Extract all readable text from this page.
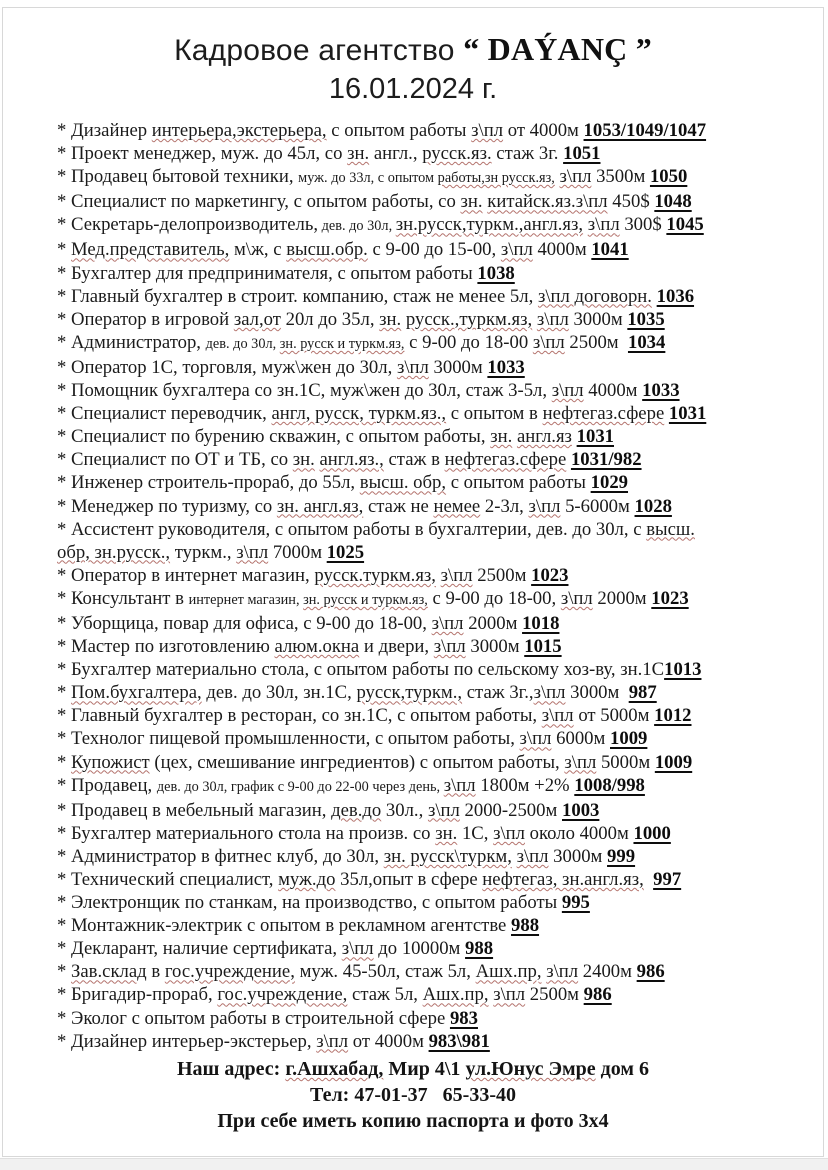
Кадровое агентство “ DAÝANÇ ”
16.01.2024 г.
* Дизайнер интерьера,экстерьера, с опытом работы з\пл от 4000м 1053/1049/1047
* Проект менеджер, муж. до 45л, со зн. англ., русск.яз. стаж 3г. 1051
* Продавец бытовой техники, муж. до 33л, с опытом работы,зн русск.яз, з\пл 3500м 1050
* Специалист по маркетингу, с опытом работы, со зн. китайск.яз.з\пл 450$ 1048
* Секретарь-делопроизводитель, дев. до 30л, зн.русск,туркм.,англ.яз, з\пл 300$ 1045
* Мед.представитель, м\ж, с высш.обр. с 9-00 до 15-00, з\пл 4000м 1041
* Бухгалтер для предпринимателя, с опытом работы 1038
* Главный бухгалтер в строит. компанию, стаж не менее 5л, з\пл договорн. 1036
* Оператор в игровой зал,от 20л до 35л, зн. русск.,туркм.яз, з\пл 3000м 1035
* Администратор, дев. до 30л, зн. русск и туркм.яз, с 9-00 до 18-00 з\пл 2500м  1034
* Оператор 1С, торговля, муж\жен до 30л, з\пл 3000м 1033
* Помощник бухгалтера со зн.1С, муж\жен до 30л, стаж 3-5л, з\пл 4000м 1033
* Специалист переводчик, англ, русск, туркм.яз., с опытом в нефтегаз.сфере 1031
* Специалист по бурению скважин, с опытом работы, зн. англ.яз 1031
* Специалист по ОТ и ТБ, со зн. англ.яз., стаж в нефтегаз.сфере 1031/982
* Инженер строитель-прораб, до 55л, высш. обр, с опытом работы 1029
* Менеджер по туризму, со зн. англ.яз, стаж не немее 2-3л, з\пл 5-6000м 1028
* Ассистент руководителя, с опытом работы в бухгалтерии, дев. до 30л, с высш.
обр, зн.русск., туркм., з\пл 7000м 1025
* Оператор в интернет магазин, русск.туркм.яз, з\пл 2500м 1023
* Консультант в интернет магазин, зн. русск и туркм.яз, с 9-00 до 18-00, з\пл 2000м 1023
* Уборщица, повар для офиса, с 9-00 до 18-00, з\пл 2000м 1018
* Мастер по изготовлению алюм.окна и двери, з\пл 3000м 1015
* Бухгалтер материально стола, с опытом работы по сельскому хоз-ву, зн.1С1013
* Пом.бухгалтера, дев. до 30л, зн.1С, русск,туркм., стаж 3г.,з\пл 3000м  987
* Главный бухгалтер в ресторан, со зн.1С, с опытом работы, з\пл от 5000м 1012
* Технолог пищевой промышленности, с опытом работы, з\пл 6000м 1009
* Купожист (цех, смешивание ингредиентов) с опытом работы, з\пл 5000м 1009
* Продавец, дев. до 30л, график с 9-00 до 22-00 через день, з\пл 1800м +2% 1008/998
* Продавец в мебельный магазин, дев.до 30л., з\пл 2000-2500м 1003
* Бухгалтер материального стола на произв. со зн. 1С, з\пл около 4000м 1000
* Администратор в фитнес клуб, до 30л, зн. русск\туркм, з\пл 3000м 999
* Технический специалист, муж.до 35л,опыт в сфере нефтегаз, зн.англ.яз, 997
* Электронщик по станкам, на производство, с опытом работы 995
* Монтажник-электрик с опытом в рекламном агентстве 988
* Декларант, наличие сертификата, з\пл до 10000м 988
* Зав.склад в гос.учреждение, муж. 45-50л, стаж 5л, Ашх.пр, з\пл 2400м 986
* Бригадир-прораб, гос.учреждение, стаж 5л, Ашх.пр, з\пл 2500м 986
* Эколог с опытом работы в строительной сфере 983
* Дизайнер интерьер-экстерьер, з\пл от 4000м 983\981
Наш адрес: г.Ашхабад, Мир 4\1 ул.Юнус Эмре дом 6
Тел: 47-01-37   65-33-40
При себе иметь копию паспорта и фото 3х4
